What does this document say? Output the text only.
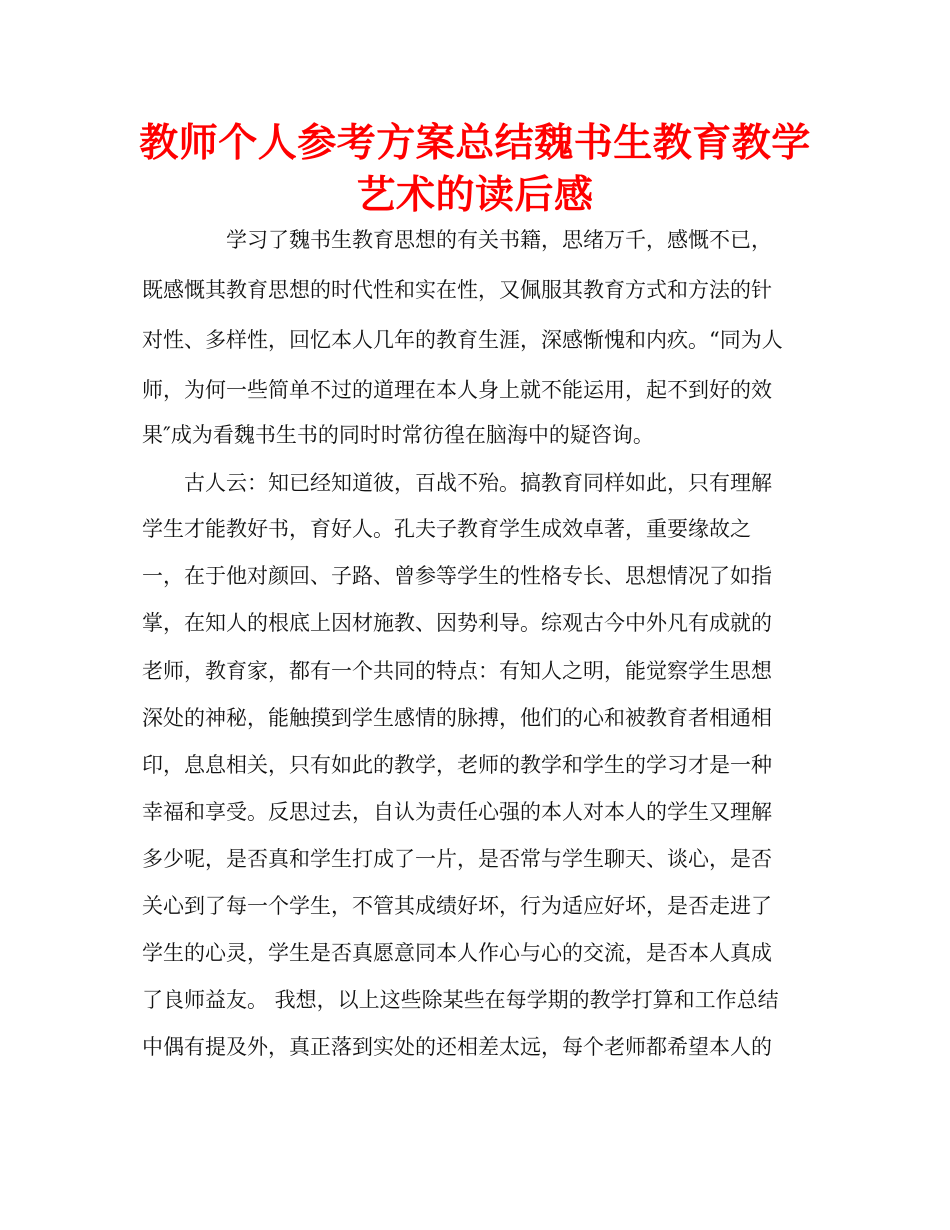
教师个人参考方案总结魏书生教育教学艺术的读后感

　　　　学习了魏书生教育思想的有关书籍，思绪万千，感慨不已，

既感慨其教育思想的时代性和实在性，又佩服其教育方式和方法的针

对性、多样性，回忆本人几年的教育生涯，深感惭愧和内疚。“同为人

师，为何一些简单不过的道理在本人身上就不能运用，起不到好的效

果″成为看魏书生书的同时时常彷徨在脑海中的疑咨询。

　　古人云：知已经知道彼，百战不殆。搞教育同样如此，只有理解

学生才能教好书，育好人。孔夫子教育学生成效卓著，重要缘故之

一，在于他对颜回、子路、曾参等学生的性格专长、思想情况了如指

掌，在知人的根底上因材施教、因势利导。综观古今中外凡有成就的

老师，教育家，都有一个共同的特点：有知人之明，能觉察学生思想

深处的神秘，能触摸到学生感情的脉搏，他们的心和被教育者相通相

印，息息相关，只有如此的教学，老师的教学和学生的学习才是一种

幸福和享受。反思过去，自认为责任心强的本人对本人的学生又理解

多少呢，是否真和学生打成了一片，是否常与学生聊天、谈心，是否

关心到了每一个学生，不管其成绩好坏，行为适应好坏，是否走进了

学生的心灵，学生是否真愿意同本人作心与心的交流，是否本人真成

了良师益友。 我想，以上这些除某些在每学期的教学打算和工作总结

中偶有提及外，真正落到实处的还相差太远，每个老师都希望本人的
